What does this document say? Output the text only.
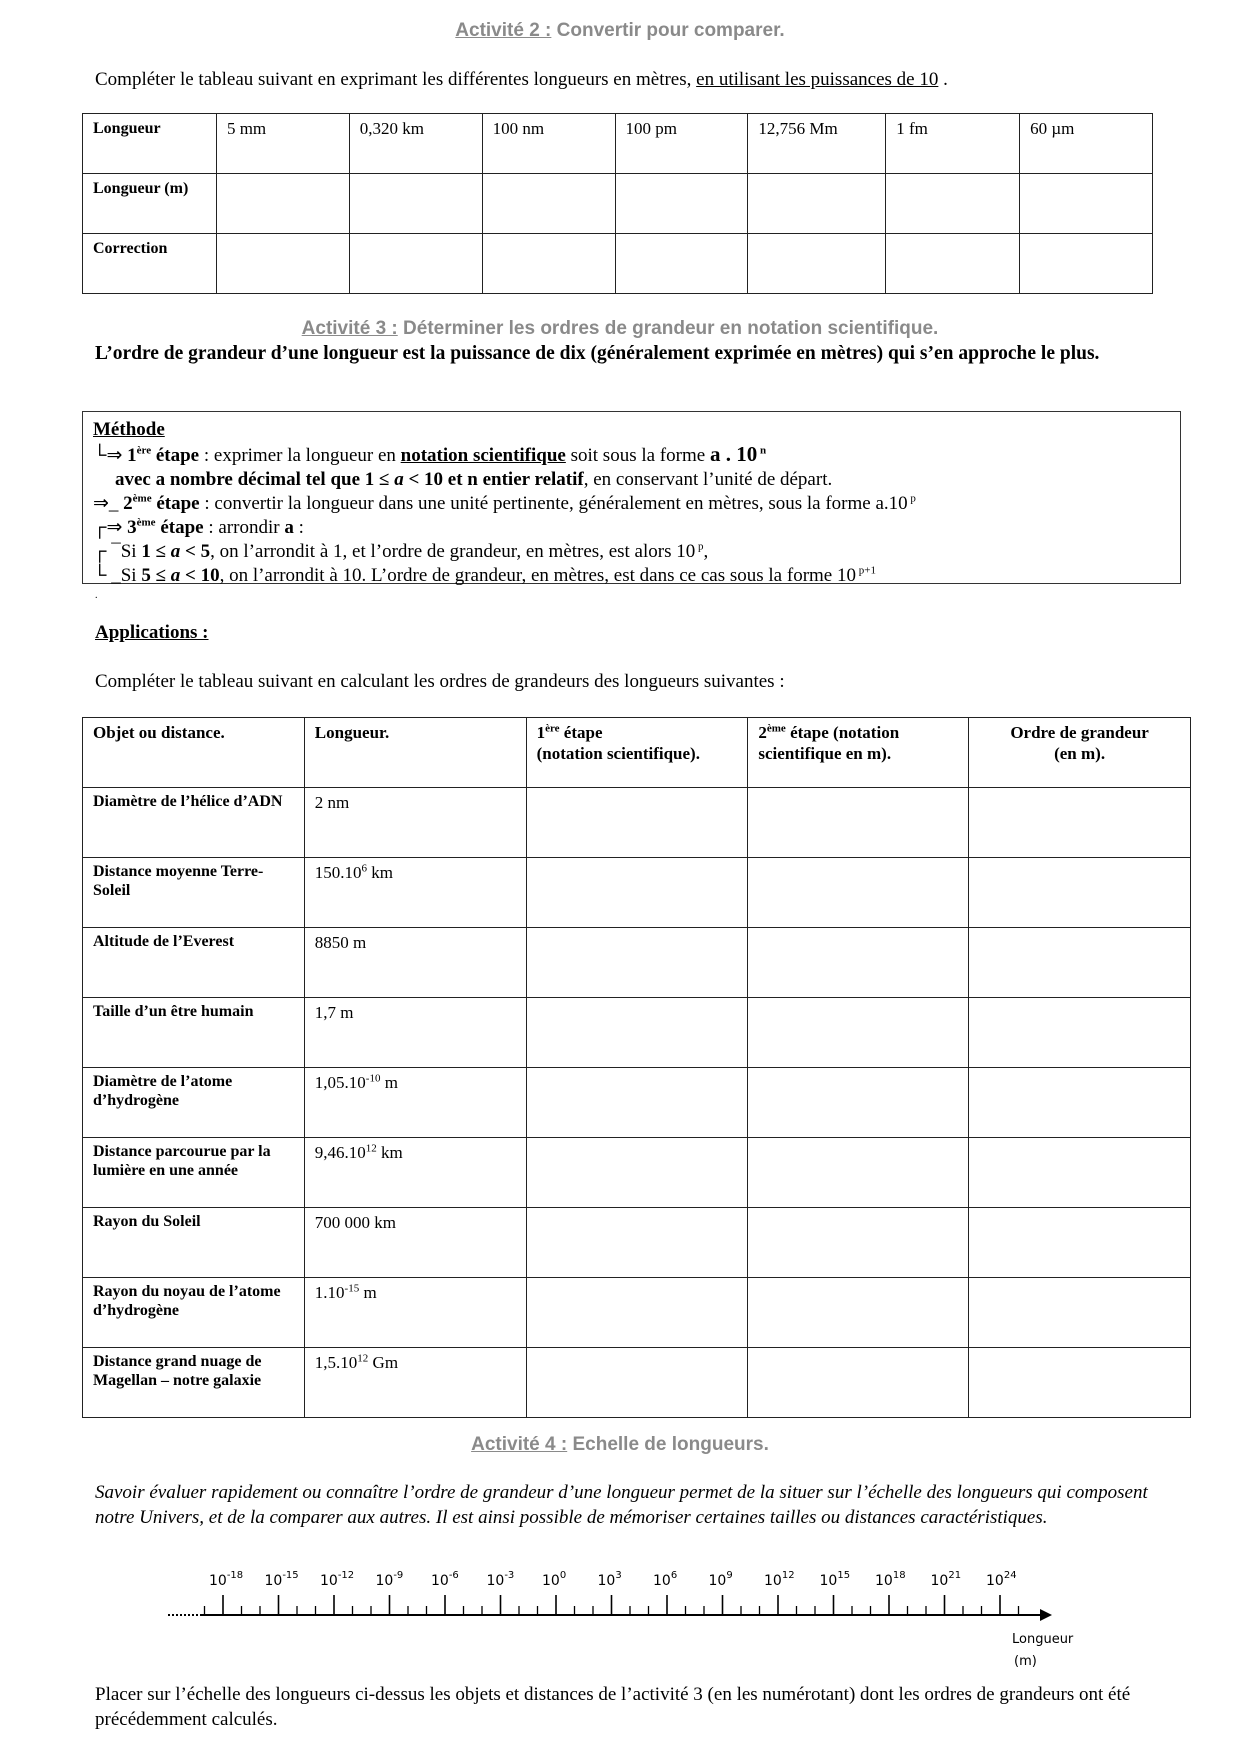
Activité 2 : Convertir pour comparer.
Compléter le tableau suivant en exprimant les différentes longueurs en mètres, en utilisant les puissances de 10 .
Longueur	5 mm	0,320 km	100 nm	100 pm	12,756 Mm	1 fm	60 µm
Longueur (m)							
Correction							
Activité 3 : Déterminer les ordres de grandeur en notation scientifique.
L’ordre de grandeur d’une longueur est la puissance de dix (généralement exprimée en mètres) qui s’en approche le plus.
Méthode
└⇒ 1ère étape : exprimer la longueur en notation scientifique soit sous la forme a . 10 $^n$
avec a nombre décimal tel que 1 ≤ a < 10 et n entier relatif, en conservant l’unité de départ.
⇒_ 2ème étape : convertir la longueur dans une unité pertinente, généralement en mètres, sous la forme a.10 $^p$
┌⇒ 3ème étape : arrondir a :
┌ ¯Si 1 ≤ a < 5, on l’arrondit à 1, et l’ordre de grandeur, en mètres, est alors 10 $^p$,
└ _Si 5 ≤ a < 10, on l’arrondit à 10. L’ordre de grandeur, en mètres, est dans ce cas sous la forme 10 $^{p+1}$
.
Applications :
Compléter le tableau suivant en calculant les ordres de grandeurs des longueurs suivantes :
Objet ou distance.	Longueur.	1ère étape
(notation scientifique).	2ème étape (notation
scientifique en m).	Ordre de grandeur
(en m).
Diamètre de l’hélice d’ADN	2 nm			
Distance moyenne Terre-Soleil	150.10$^6$ km			
Altitude de l’Everest	8850 m			
Taille d’un être humain	1,7 m			
Diamètre de l’atome d’hydrogène	$1,05.10^{-10}$ m			
Distance parcourue par la lumière en une année	9,46.10$^{12}$ km			
Rayon du Soleil	700 000 km			
Rayon du noyau de l’atome d’hydrogène	$1.10^{-15}$ m			
Distance grand nuage de Magellan – notre galaxie	1,5.10$^{12}$ Gm			
Activité 4 : Echelle de longueurs.
Savoir évaluer rapidement ou connaître l’ordre de grandeur d’une longueur permet de la situer sur l’échelle des longueurs qui composent notre Univers, et de la comparer aux autres. Il est ainsi possible de mémoriser certaines tailles ou distances caractéristiques.
$10^{-18}$ $10^{-15}$ $10^{-12}$ $10^{-9}$ $10^{-6}$ $10^{-3}$ $10^0$ $10^3$ $10^6$ $10^9$ $10^{12}$ $10^{15}$ $10^{18}$ $10^{21}$ $10^{24}$
Longueur
(m)
Placer sur l’échelle des longueurs ci-dessus les objets et distances de l’activité 3 (en les numérotant) dont les ordres de grandeurs ont été précédemment calculés.
